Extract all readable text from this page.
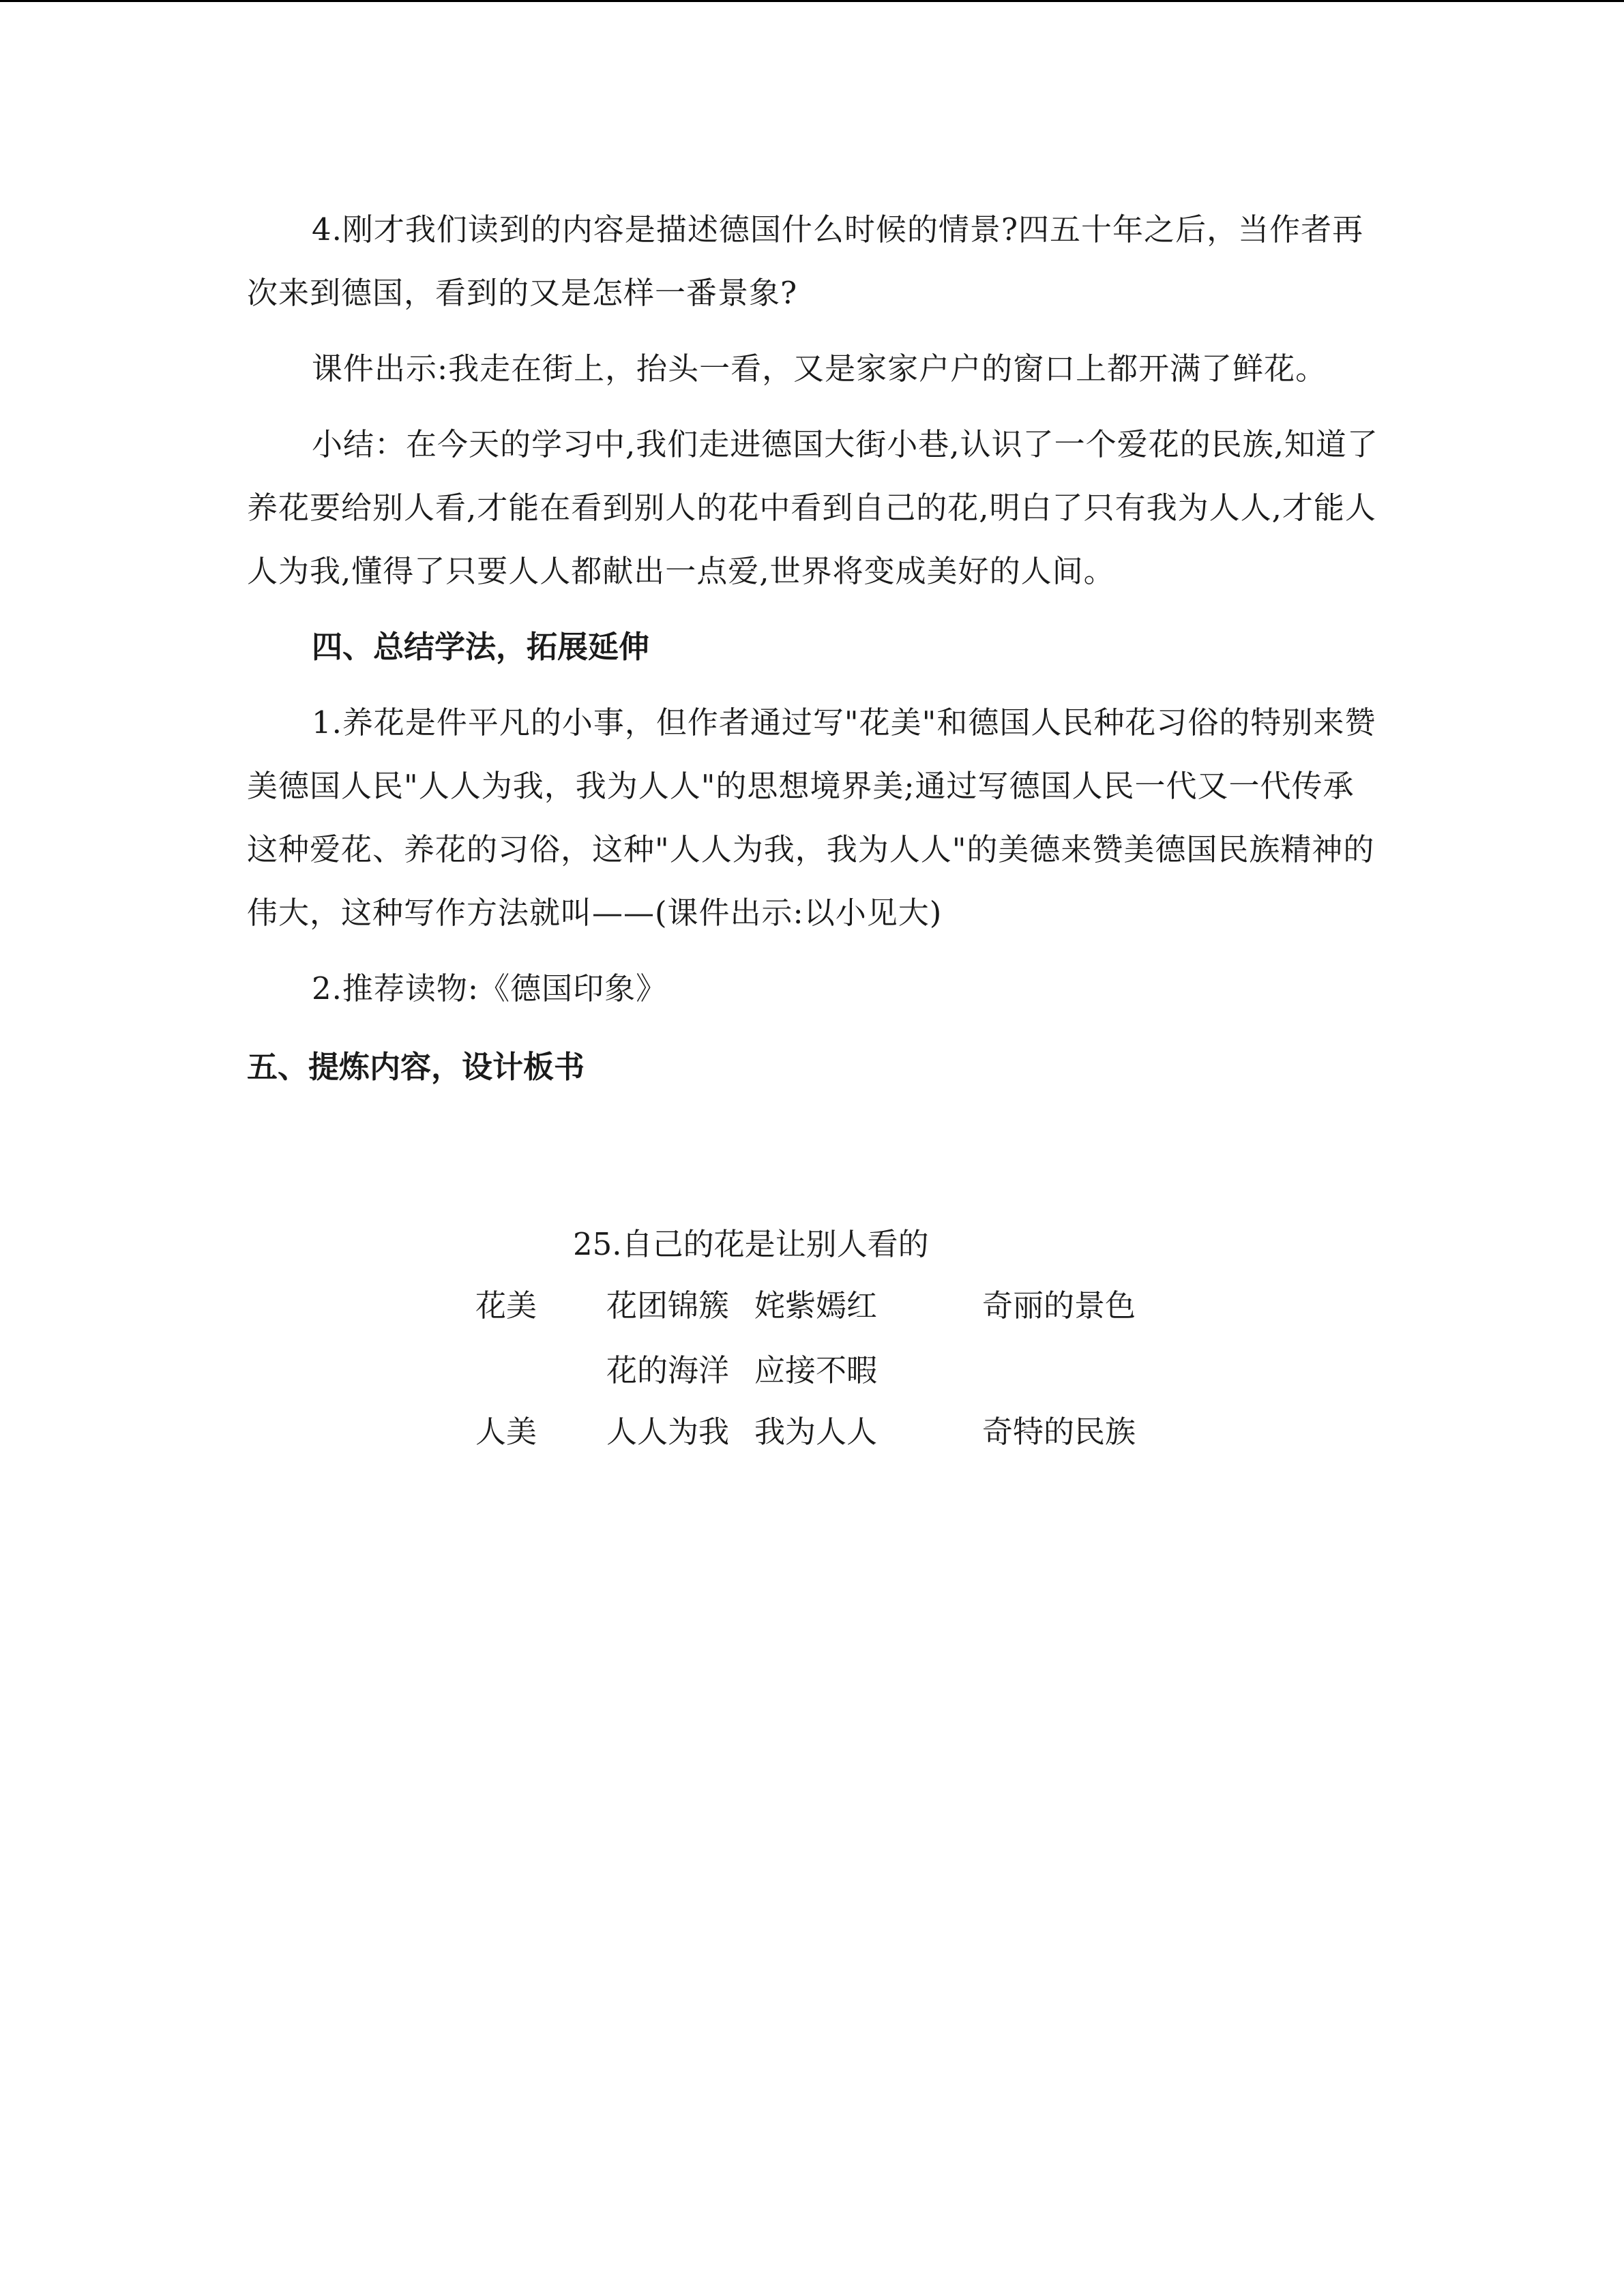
4.刚才我们读到的内容是描述德国什么时候的情景?四五十年之后，当作者再次来到德国，看到的又是怎样一番景象?

课件出示:我走在街上，抬头一看，又是家家户户的窗口上都开满了鲜花。

小结：在今天的学习中,我们走进德国大街小巷,认识了一个爱花的民族,知道了养花要给别人看,才能在看到别人的花中看到自己的花,明白了只有我为人人,才能人人为我,懂得了只要人人都献出一点爱,世界将变成美好的人间。

四、总结学法，拓展延伸

1.养花是件平凡的小事，但作者通过写"花美"和德国人民种花习俗的特别来赞美德国人民"人人为我，我为人人"的思想境界美;通过写德国人民一代又一代传承这种爱花、养花的习俗，这种"人人为我，我为人人"的美德来赞美德国民族精神的伟大，这种写作方法就叫——(课件出示:以小见大)

2.推荐读物:《德国印象》

五、提炼内容，设计板书

25.自己的花是让别人看的
花美 花团锦簇 姹紫嫣红	奇丽的景色
花的海洋 应接不暇
人美 人人为我 我为人人	奇特的民族
